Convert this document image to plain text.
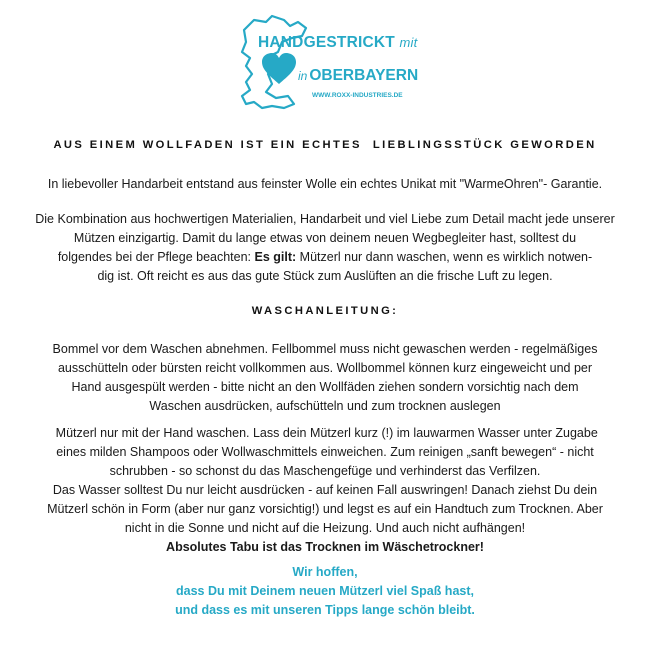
HANDGESTRICKT mit
in OBERBAYERN
WWW.ROXX-INDUSTRIES.DE
AUS EINEM WOLLFADEN IST EIN ECHTES  LIEBLINGSSTÜCK GEWORDEN
In liebevoller Handarbeit entstand aus feinster Wolle ein echtes Unikat mit "WarmeOhren"- Garantie.
Die Kombination aus hochwertigen Materialien, Handarbeit und viel Liebe zum Detail macht jede unserer
Mützen einzigartig. Damit du lange etwas von deinem neuen Wegbegleiter hast, solltest du
folgendes bei der Pflege beachten: Es gilt: Mützerl nur dann waschen, wenn es wirklich notwen-
dig ist. Oft reicht es aus das gute Stück zum Auslüften an die frische Luft zu legen.
WASCHANLEITUNG:
Bommel vor dem Waschen abnehmen. Fellbommel muss nicht gewaschen werden - regelmäßiges
ausschütteln oder bürsten reicht vollkommen aus. Wollbommel können kurz eingeweicht und per
Hand ausgespült werden - bitte nicht an den Wollfäden ziehen sondern vorsichtig nach dem
Waschen ausdrücken, aufschütteln und zum trocknen auslegen
Mützerl nur mit der Hand waschen. Lass dein Mützerl kurz (!) im lauwarmen Wasser unter Zugabe
eines milden Shampoos oder Wollwaschmittels einweichen. Zum reinigen „sanft bewegen“ - nicht
schrubben - so schonst du das Maschengefüge und verhinderst das Verfilzen.
Das Wasser solltest Du nur leicht ausdrücken - auf keinen Fall auswringen! Danach ziehst Du dein
Mützerl schön in Form (aber nur ganz vorsichtig!) und legst es auf ein Handtuch zum Trocknen. Aber
nicht in die Sonne und nicht auf die Heizung. Und auch nicht aufhängen!
Absolutes Tabu ist das Trocknen im Wäschetrockner!
Wir hoffen,
dass Du mit Deinem neuen Mützerl viel Spaß hast,
und dass es mit unseren Tipps lange schön bleibt.
